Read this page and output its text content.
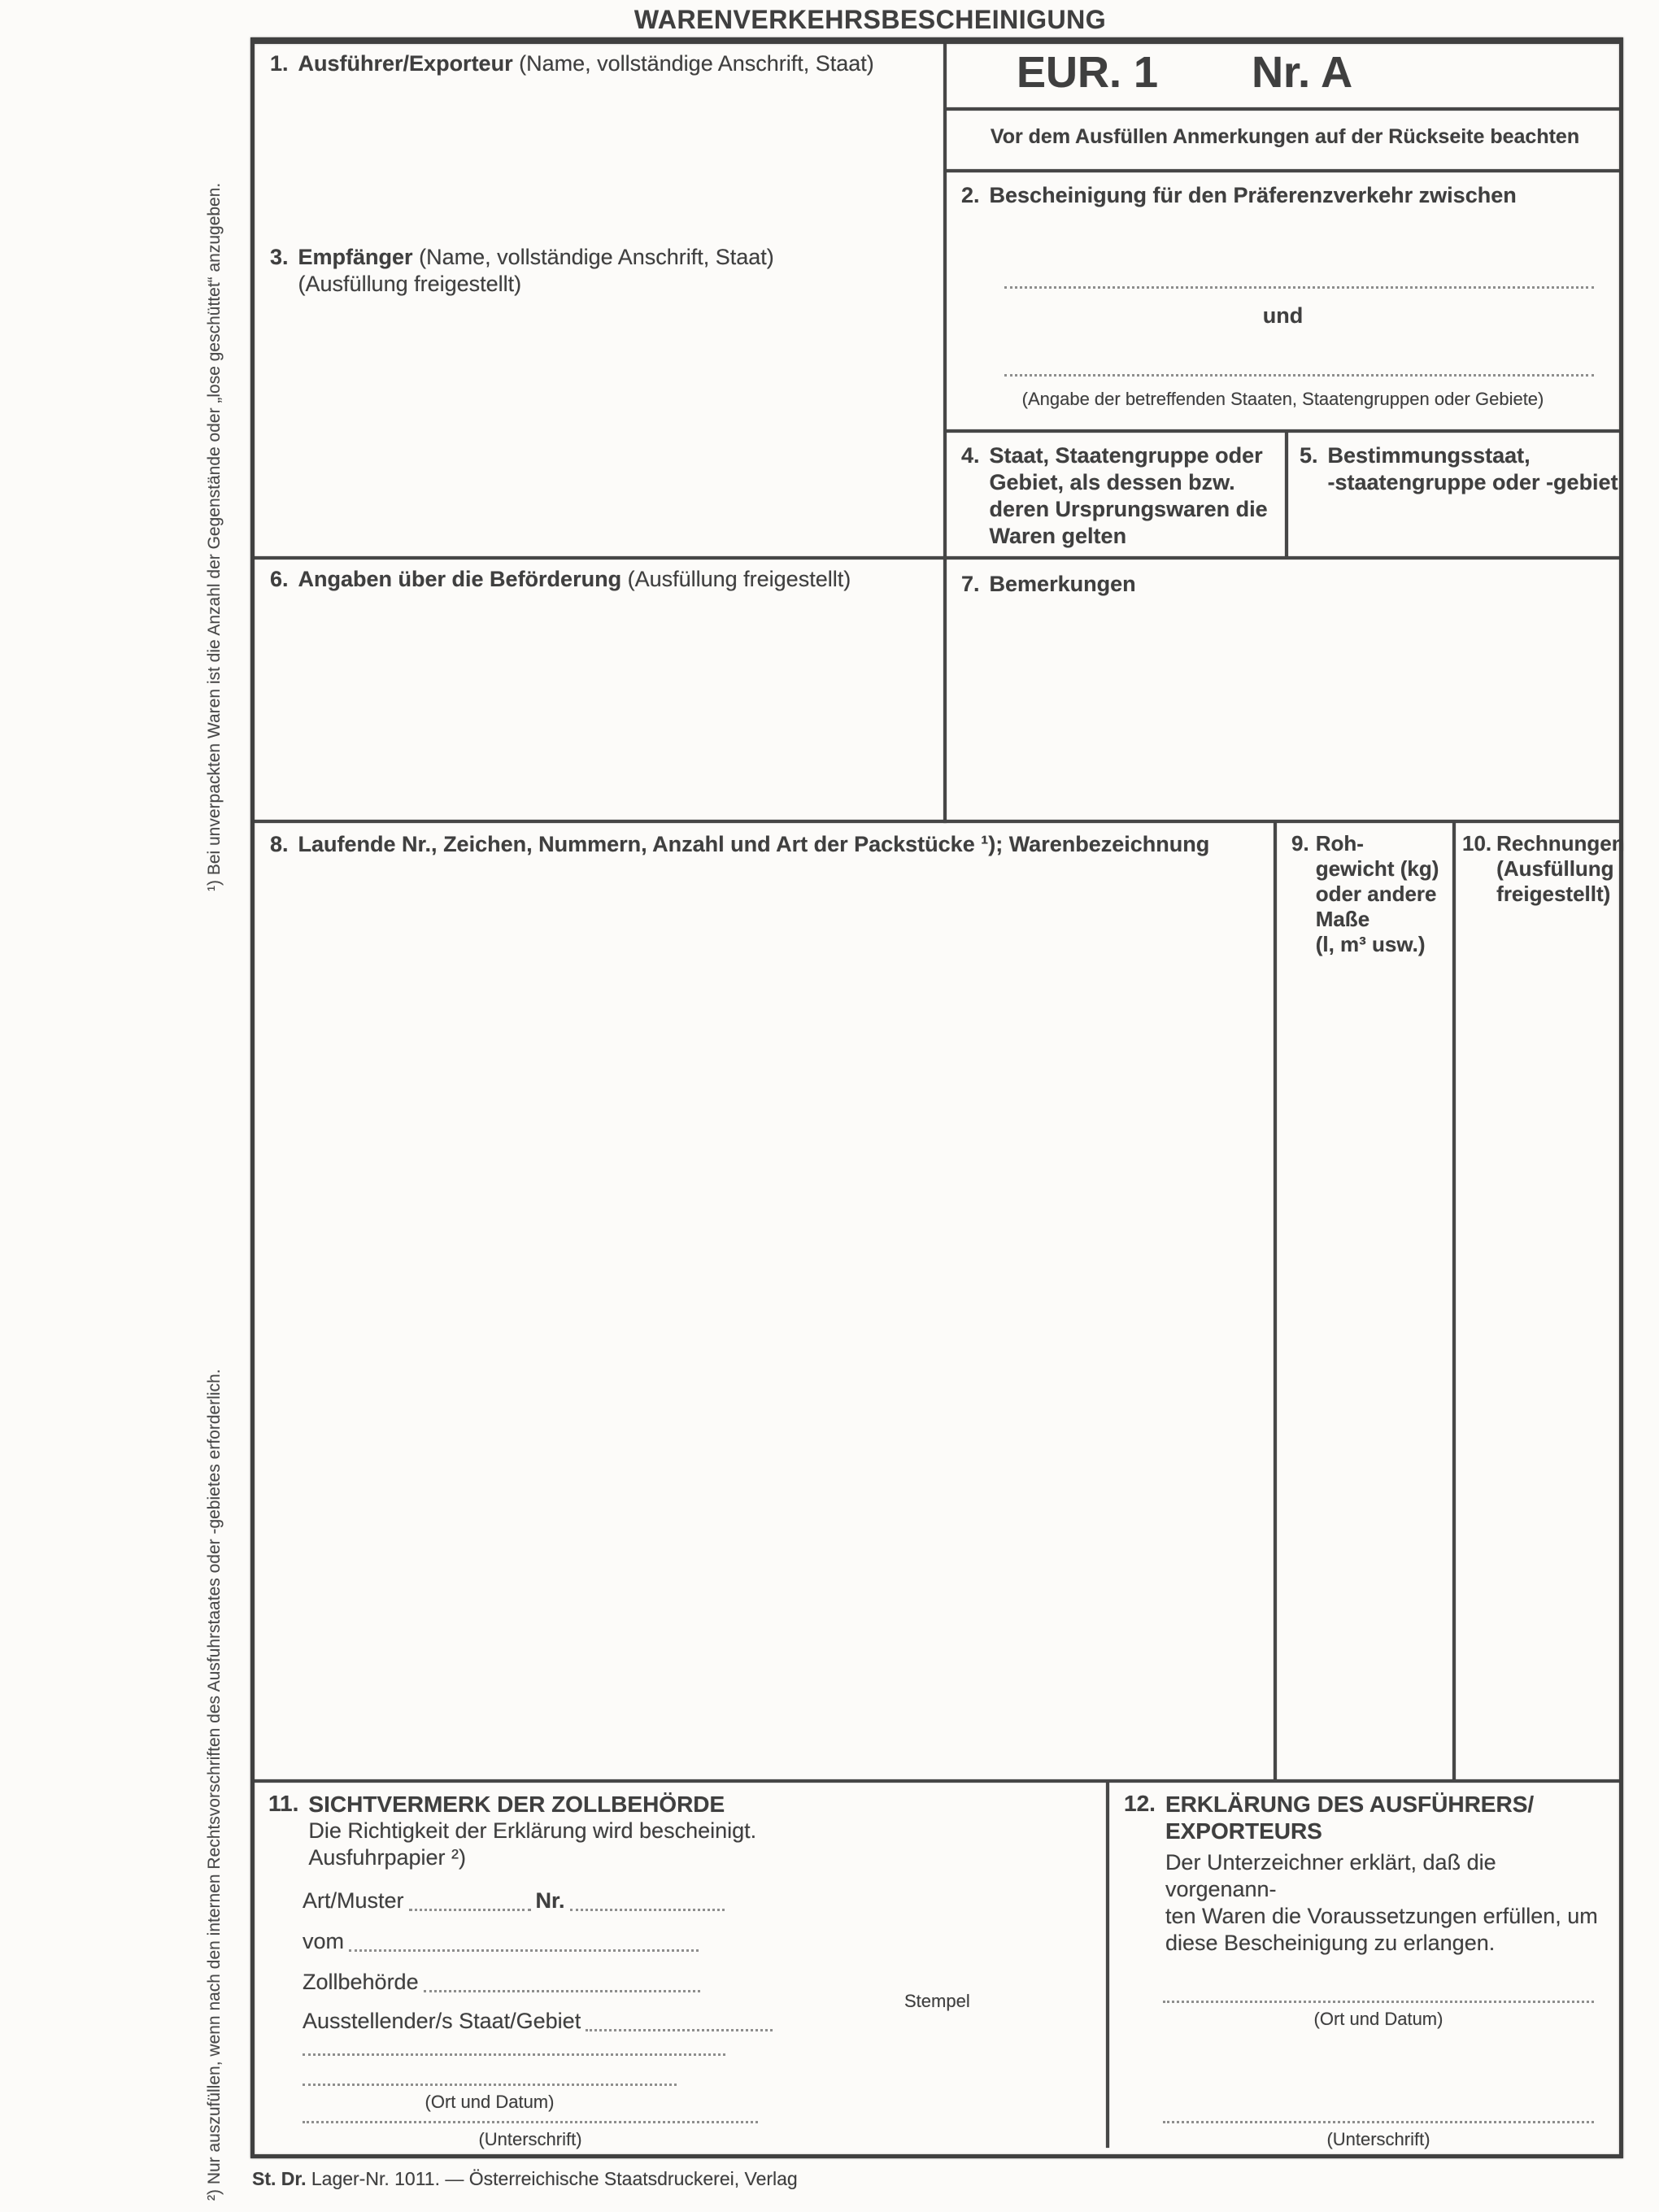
WARENVERKEHRSBESCHEINIGUNG
EUR. 1 Nr. A
Vor dem Ausfüllen Anmerkungen auf der Rückseite beachten
1. Ausführer/Exporteur (Name, vollständige Anschrift, Staat)
2. Bescheinigung für den Präferenzverkehr zwischen
und
(Angabe der betreffenden Staaten, Staatengruppen oder Gebiete)
3. Empfänger (Name, vollständige Anschrift, Staat)
(Ausfüllung freigestellt)
4. Staat, Staatengruppe oder
Gebiet, als dessen bzw.
deren Ursprungswaren die
Waren gelten
5. Bestimmungsstaat,
-staatengruppe oder -gebiet
6. Angaben über die Beförderung (Ausfüllung freigestellt)	7. Bemerkungen
8. Laufende Nr., Zeichen, Nummern, Anzahl und Art der Packstücke ¹); Warenbezeichnung	9. Roh-
gewicht (kg)
oder andere
Maße
(l, m³ usw.)
10. Rechnungen
(Ausfüllung
freigestellt)
11. SICHTVERMERK DER ZOLLBEHÖRDE
Die Richtigkeit der Erklärung wird bescheinigt.
Ausfuhrpapier ²)
Art/Muster	Nr.
vom
Zollbehörde
Ausstellender/s Staat/Gebiet
Stempel
(Ort und Datum)
(Unterschrift)
12. ERKLÄRUNG DES AUSFÜHRERS/
EXPORTEURS
Der Unterzeichner erklärt, daß die vorgenann-
ten Waren die Voraussetzungen erfüllen, um
diese Bescheinigung zu erlangen.
(Ort und Datum)
(Unterschrift)
¹) Bei unverpackten Waren ist die Anzahl der Gegenstände oder „lose geschüttet“ anzugeben.
²) Nur auszufüllen, wenn nach den internen Rechtsvorschriften des Ausfuhrstaates oder -gebietes erforderlich. St. Dr. Lager-Nr. 1011. — Österreichische Staatsdruckerei, Verlag
